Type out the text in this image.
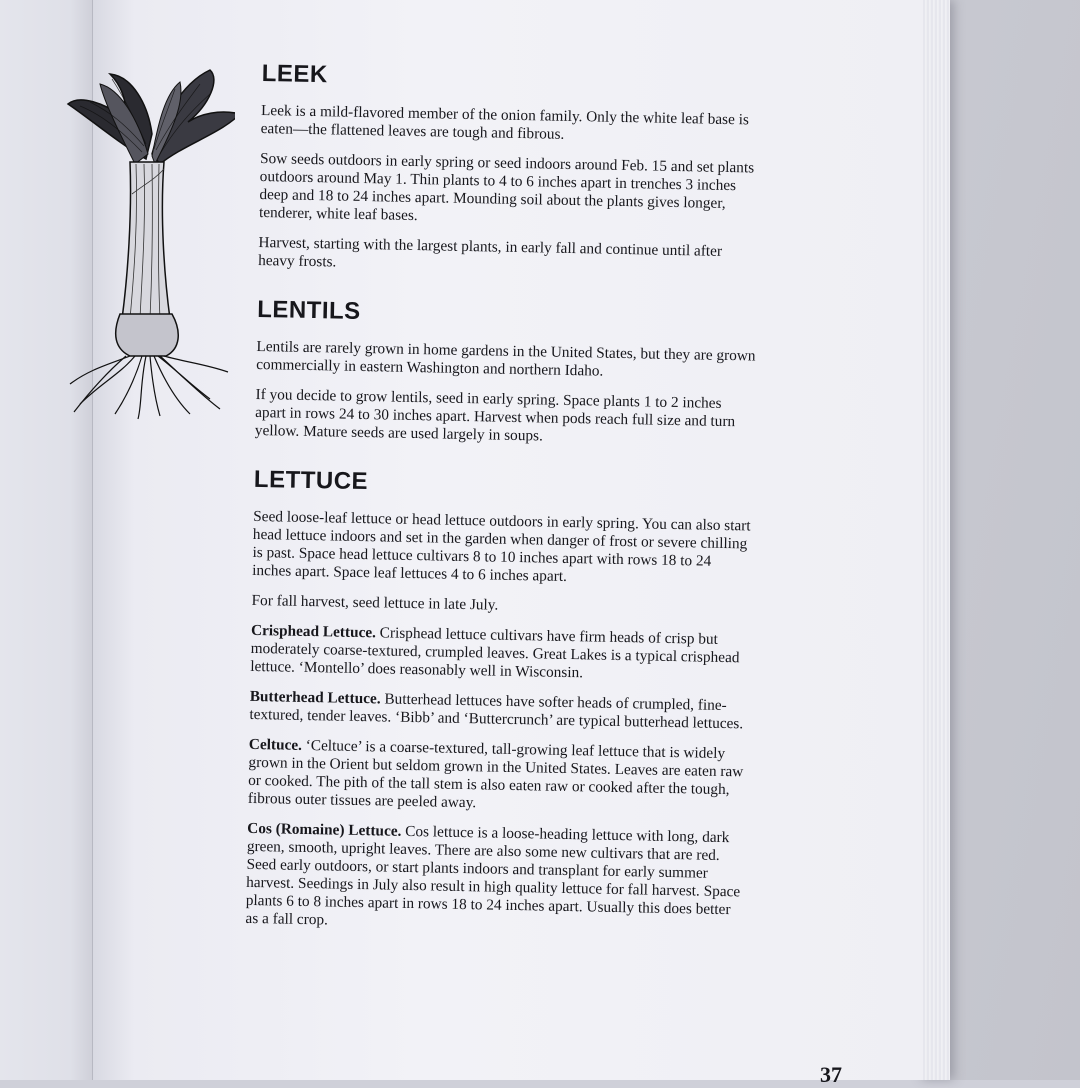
LEEK

Leek is a mild-flavored member of the onion family. Only the white leaf base is eaten—the flattened leaves are tough and fibrous.

Sow seeds outdoors in early spring or seed indoors around Feb. 15 and set plants outdoors around May 1. Thin plants to 4 to 6 inches apart in trenches 3 inches deep and 18 to 24 inches apart. Mounding soil about the plants gives longer, tenderer, white leaf bases.

Harvest, starting with the largest plants, in early fall and continue until after heavy frosts.

LENTILS

Lentils are rarely grown in home gardens in the United States, but they are grown commercially in eastern Washington and northern Idaho.

If you decide to grow lentils, seed in early spring. Space plants 1 to 2 inches apart in rows 24 to 30 inches apart. Harvest when pods reach full size and turn yellow. Mature seeds are used largely in soups.

LETTUCE

Seed loose-leaf lettuce or head lettuce outdoors in early spring. You can also start head lettuce indoors and set in the garden when danger of frost or severe chilling is past. Space head lettuce cultivars 8 to 10 inches apart with rows 18 to 24 inches apart. Space leaf lettuces 4 to 6 inches apart.

For fall harvest, seed lettuce in late July.

Crisphead Lettuce. Crisphead lettuce cultivars have firm heads of crisp but moderately coarse-textured, crumpled leaves. Great Lakes is a typical crisphead lettuce. ‘Montello’ does reasonably well in Wisconsin.

Butterhead Lettuce. Butterhead lettuces have softer heads of crumpled, fine-textured, tender leaves. ‘Bibb’ and ‘Buttercrunch’ are typical butterhead lettuces.

Celtuce. ‘Celtuce’ is a coarse-textured, tall-growing leaf lettuce that is widely grown in the Orient but seldom grown in the United States. Leaves are eaten raw or cooked. The pith of the tall stem is also eaten raw or cooked after the tough, fibrous outer tissues are peeled away.

Cos (Romaine) Lettuce. Cos lettuce is a loose-heading lettuce with long, dark green, smooth, upright leaves. There are also some new cultivars that are red. Seed early outdoors, or start plants indoors and transplant for early summer harvest. Seedings in July also result in high quality lettuce for fall harvest. Space plants 6 to 8 inches apart in rows 18 to 24 inches apart. Usually this does better as a fall crop.

37
